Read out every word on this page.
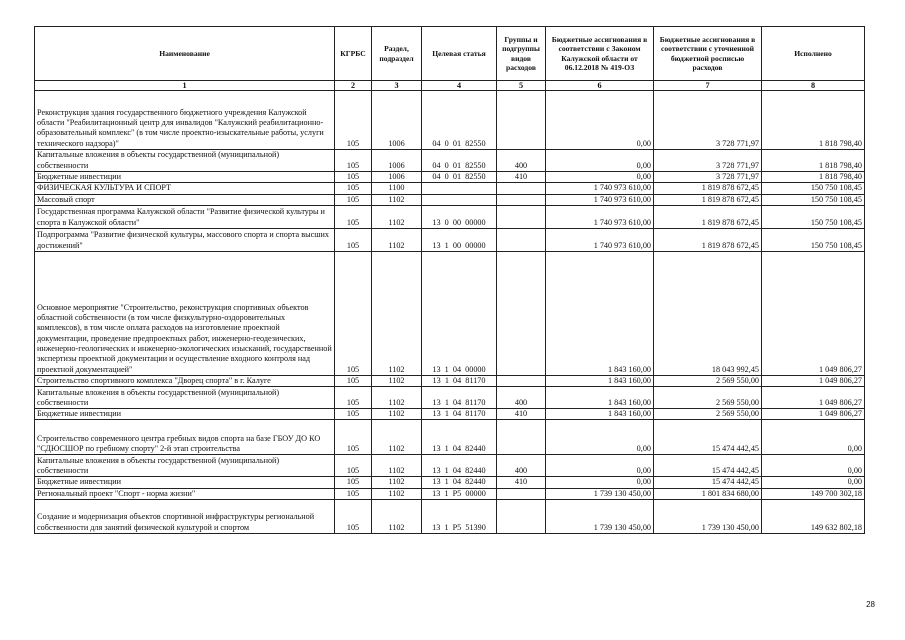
Наименование	КГРБС	Раздел, подраздел	Целевая статья	Группы и подгруппы видов расходов	Бюджетные ассигнования в соответствии с Законом Калужской области от 06.12.2018 № 419-ОЗ	Бюджетные ассигнования в соответствии с уточненной бюджетной росписью расходов	Исполнено
1	2	3	4	5	6	7	8
Реконструкция здания государственного бюджетного учреждения Калужской области "Реабилитационный центр для инвалидов "Калужский реабилитационно-образовательный комплекс" (в том числе проектно-изыскательные работы, услуги технического надзора)"	105	1006	04  0  01  82550		0,00	3 728 771,97	1 818 798,40
Капитальные вложения в объекты государственной (муниципальной) собственности	105	1006	04  0  01  82550	400	0,00	3 728 771,97	1 818 798,40
Бюджетные инвестиции	105	1006	04  0  01  82550	410	0,00	3 728 771,97	1 818 798,40
ФИЗИЧЕСКАЯ КУЛЬТУРА И СПОРТ	105	1100			1 740 973 610,00	1 819 878 672,45	150 750 108,45
Массовый спорт	105	1102			1 740 973 610,00	1 819 878 672,45	150 750 108,45
Государственная программа Калужской области "Развитие физической культуры и спорта в Калужской области"	105	1102	13  0  00  00000		1 740 973 610,00	1 819 878 672,45	150 750 108,45
Подпрограмма "Развитие физической культуры, массового спорта и спорта высших достижений"	105	1102	13  1  00  00000		1 740 973 610,00	1 819 878 672,45	150 750 108,45
Основное мероприятие "Строительство, реконструкция спортивных объектов областной собственности (в том числе физкультурно-оздоровительных комплексов), в том числе оплата расходов на изготовление проектной документации, проведение предпроектных работ, инженерно-геодезических, инженерно-геологических и инженерно-экологических изысканий, государственной экспертизы проектной документации и осуществление входного контроля над проектной документацией"	105	1102	13  1  04  00000		1 843 160,00	18 043 992,45	1 049 806,27
Строительство спортивного комплекса "Дворец спорта" в г. Калуге	105	1102	13  1  04  81170		1 843 160,00	2 569 550,00	1 049 806,27
Капитальные вложения в объекты государственной (муниципальной) собственности	105	1102	13  1  04  81170	400	1 843 160,00	2 569 550,00	1 049 806,27
Бюджетные инвестиции	105	1102	13  1  04  81170	410	1 843 160,00	2 569 550,00	1 049 806,27
Строительство современного центра гребных видов спорта на базе ГБОУ ДО КО "СДЮСШОР по гребному спорту" 2-й этап строительства	105	1102	13  1  04  82440		0,00	15 474 442,45	0,00
Капитальные вложения в объекты государственной (муниципальной) собственности	105	1102	13  1  04  82440	400	0,00	15 474 442,45	0,00
Бюджетные инвестиции	105	1102	13  1  04  82440	410	0,00	15 474 442,45	0,00
Региональный проект "Спорт - норма жизни"	105	1102	13  1  P5  00000		1 739 130 450,00	1 801 834 680,00	149 700 302,18
Создание и модернизация объектов спортивной инфраструктуры региональной собственности для занятий физической культурой и спортом	105	1102	13  1  P5  51390		1 739 130 450,00	1 739 130 450,00	149 632 802,18
28
